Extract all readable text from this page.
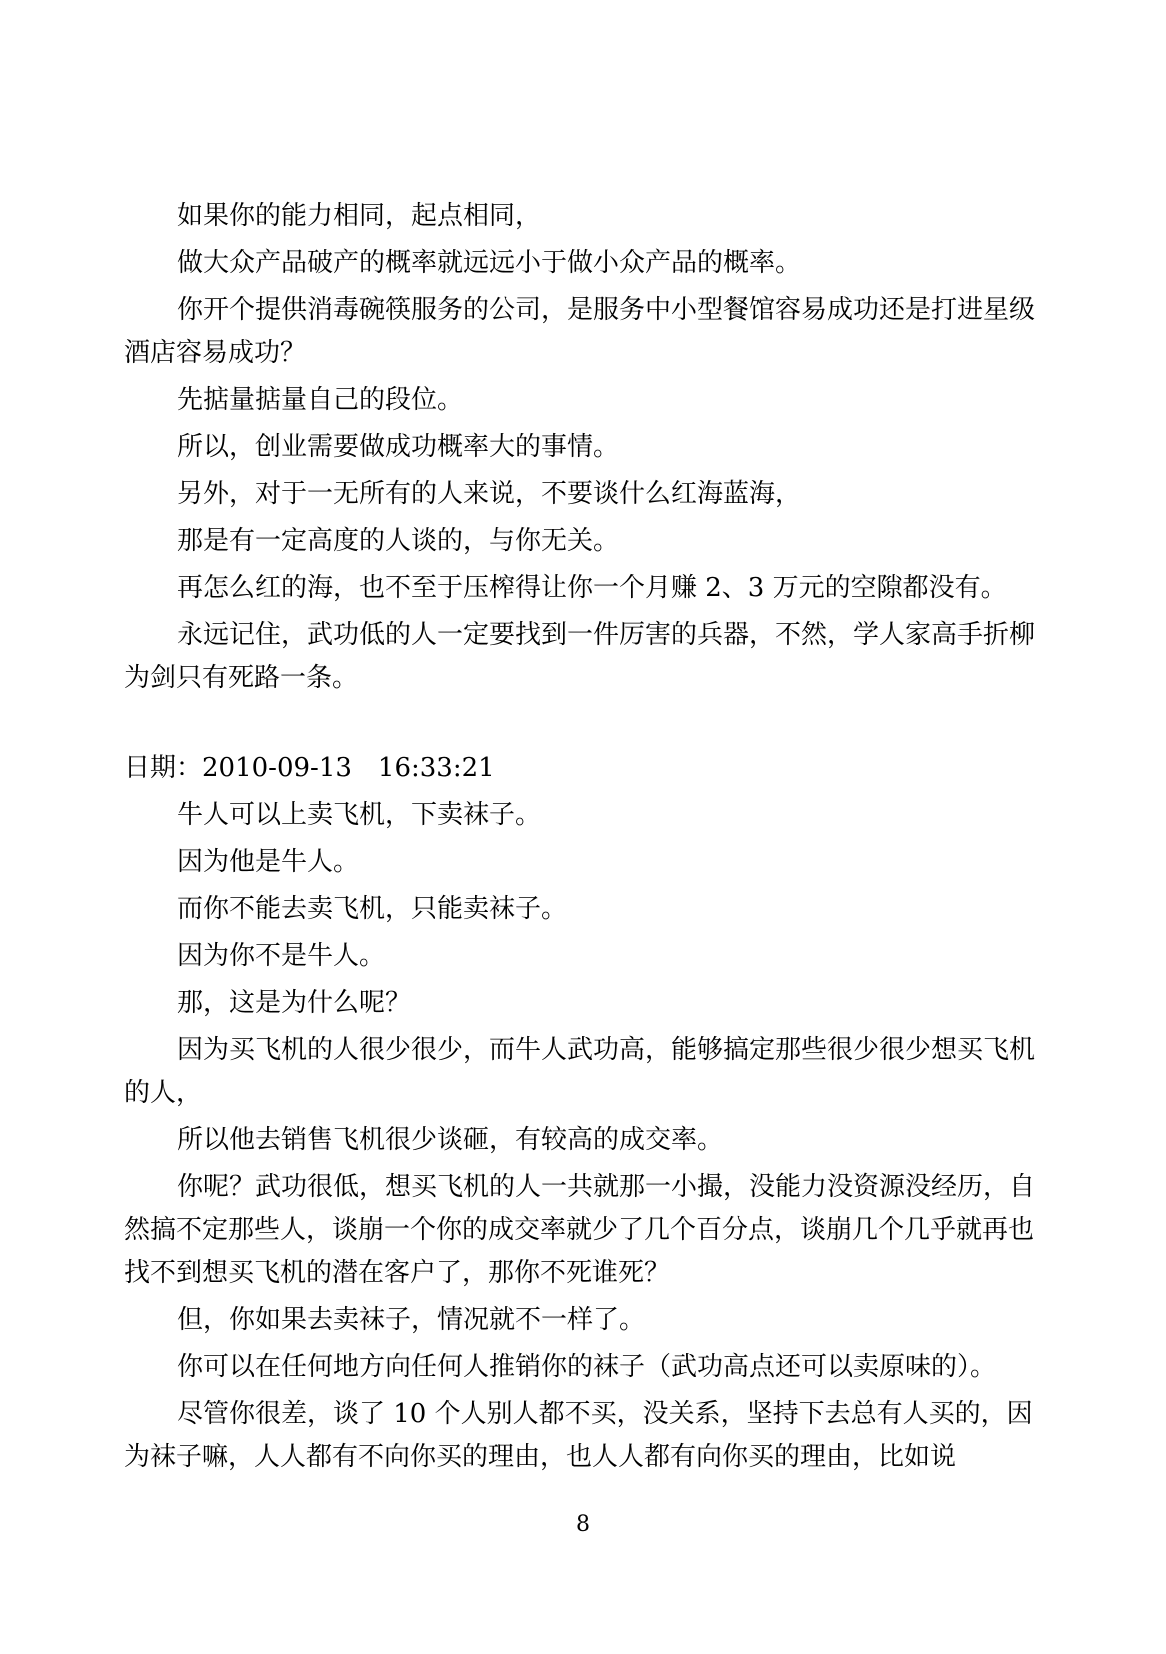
如果你的能力相同，起点相同，

做大众产品破产的概率就远远小于做小众产品的概率。

你开个提供消毒碗筷服务的公司，是服务中小型餐馆容易成功还是打进星级酒店容易成功？

先掂量掂量自己的段位。

所以，创业需要做成功概率大的事情。

另外，对于一无所有的人来说，不要谈什么红海蓝海，

那是有一定高度的人谈的，与你无关。

再怎么红的海，也不至于压榨得让你一个月赚 2、3 万元的空隙都没有。

永远记住，武功低的人一定要找到一件厉害的兵器，不然，学人家高手折柳为剑只有死路一条。

日期：2010-09-13　16:33:21

牛人可以上卖飞机，下卖袜子。

因为他是牛人。

而你不能去卖飞机，只能卖袜子。

因为你不是牛人。

那，这是为什么呢？

因为买飞机的人很少很少，而牛人武功高，能够搞定那些很少很少想买飞机的人，

所以他去销售飞机很少谈砸，有较高的成交率。

你呢？武功很低，想买飞机的人一共就那一小撮，没能力没资源没经历，自然搞不定那些人，谈崩一个你的成交率就少了几个百分点，谈崩几个几乎就再也找不到想买飞机的潜在客户了，那你不死谁死？

但，你如果去卖袜子，情况就不一样了。

你可以在任何地方向任何人推销你的袜子（武功高点还可以卖原味的）。

尽管你很差，谈了 10 个人别人都不买，没关系，坚持下去总有人买的，因为袜子嘛，人人都有不向你买的理由，也人人都有向你买的理由，比如说

8
